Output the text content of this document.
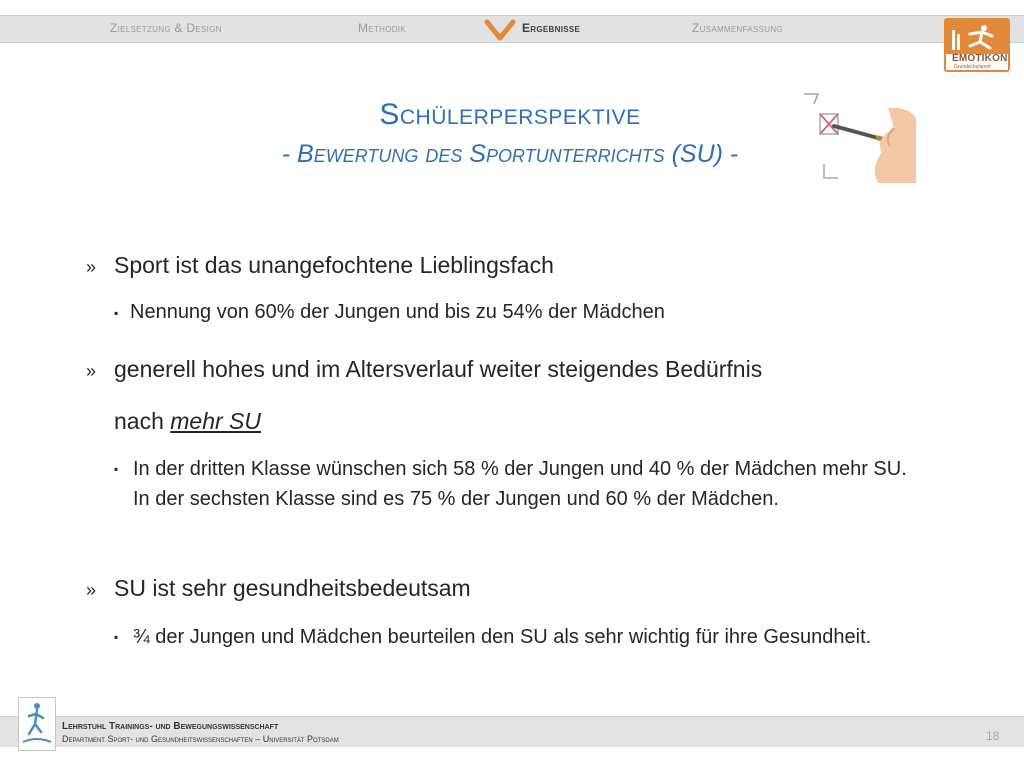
Zielsetzung & Design	Methodik	Ergebnisse	Zusammenfassung
EMOTIKON
Grundschulsport
Schülerperspektive
- Bewertung des Sportunterrichts (SU) -
» Sport ist das unangefochtene Lieblingsfach
▪ Nennung von 60% der Jungen und bis zu 54% der Mädchen
» generell hohes und im Altersverlauf weiter steigendes Bedürfnis
nach mehr SU
▪ In der dritten Klasse wünschen sich 58 % der Jungen und 40 % der Mädchen mehr SU. In der sechsten Klasse sind es 75 % der Jungen und 60 % der Mädchen.
» SU ist sehr gesundheitsbedeutsam
▪ ¾ der Jungen und Mädchen beurteilen den SU als sehr wichtig für ihre Gesundheit.
Lehrstuhl Trainings- und Bewegungswissenschaft
Department Sport- und Gesundheitswissenschaften – Universität Potsdam	18
